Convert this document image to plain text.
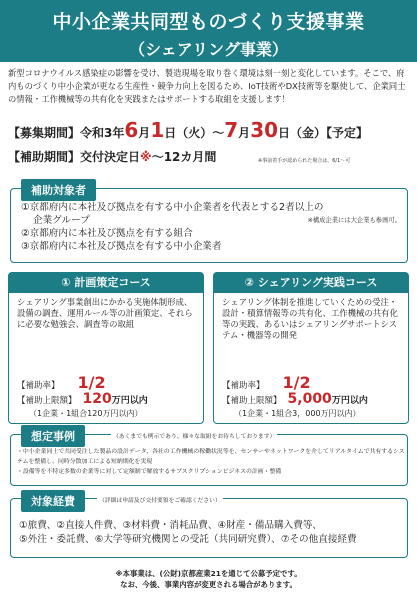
中小企業共同型ものづくり支援事業
（シェアリング事業）
新型コロナウイルス感染症の影響を受け、製造現場を取り巻く環境は刻一刻と変化しています。そこで、府内ものづくり中小企業が更なる生産性・競争力向上を図るため、IoT技術やDX技術等を駆使して、企業同士の情報・工作機械等の共有化を実践またはサポートする取組を支援します！
【募集期間】令和3年6月1日（火）～7月30日（金）【予定】
【補助期間】交付決定日※～12カ月間	※事前着手が認められた場合は、6/1～可
補助対象者
①京都府内に本社及び拠点を有する中小企業者を代表とする2者以上の
企業グループ	※構成企業には大企業も参画可。
②京都府内に本社及び拠点を有する組合
③京都府内に本社及び拠点を有する中小企業者
① 計画策定コース
シェアリング事業創出にかかる実施体制形成、設備の調査、運用ルール等の計画策定、それらに必要な勉強会、調査等の取組
【補助率】 1/2
【補助上限額】 120万円以内
（1企業・1組合120万円以内）
② シェアリング実践コース
シェアリング体制を推進していくための受注・設計・積算情報等の共有化、工作機械の共有化等の実践、あるいはシェアリングサポートシステム・機器等の開発
【補助率】 1/2
【補助上限額】 5,000万円以内
（1企業・1組合3，000万円以内）
想定事例	（あくまでも例示であり、様々な取組をお待ちしております）
・中小企業同士で共同受注した製品の設計データ、各社の工作機械の稼働状況等を、センサーやネットワークを介してリアルタイムで共有するシステムを整備し、同時分散加工による短納期化を実現
・設備等を不特定多数の企業等に対して定額制で解放するサブスクリプションビジネスの計画・整備
対象経費	（詳細は申請及び交付要領をご確認ください）
①旅費、②直接人件費、③材料費・消耗品費、④財産・備品購入費等、
⑤外注・委託費、⑥大学等研究機関との受託（共同研究費）、⑦その他直接経費
※本事業は、(公財)京都産業21を通じて公募予定です。
なお、今後、事業内容が変更される場合があります。
